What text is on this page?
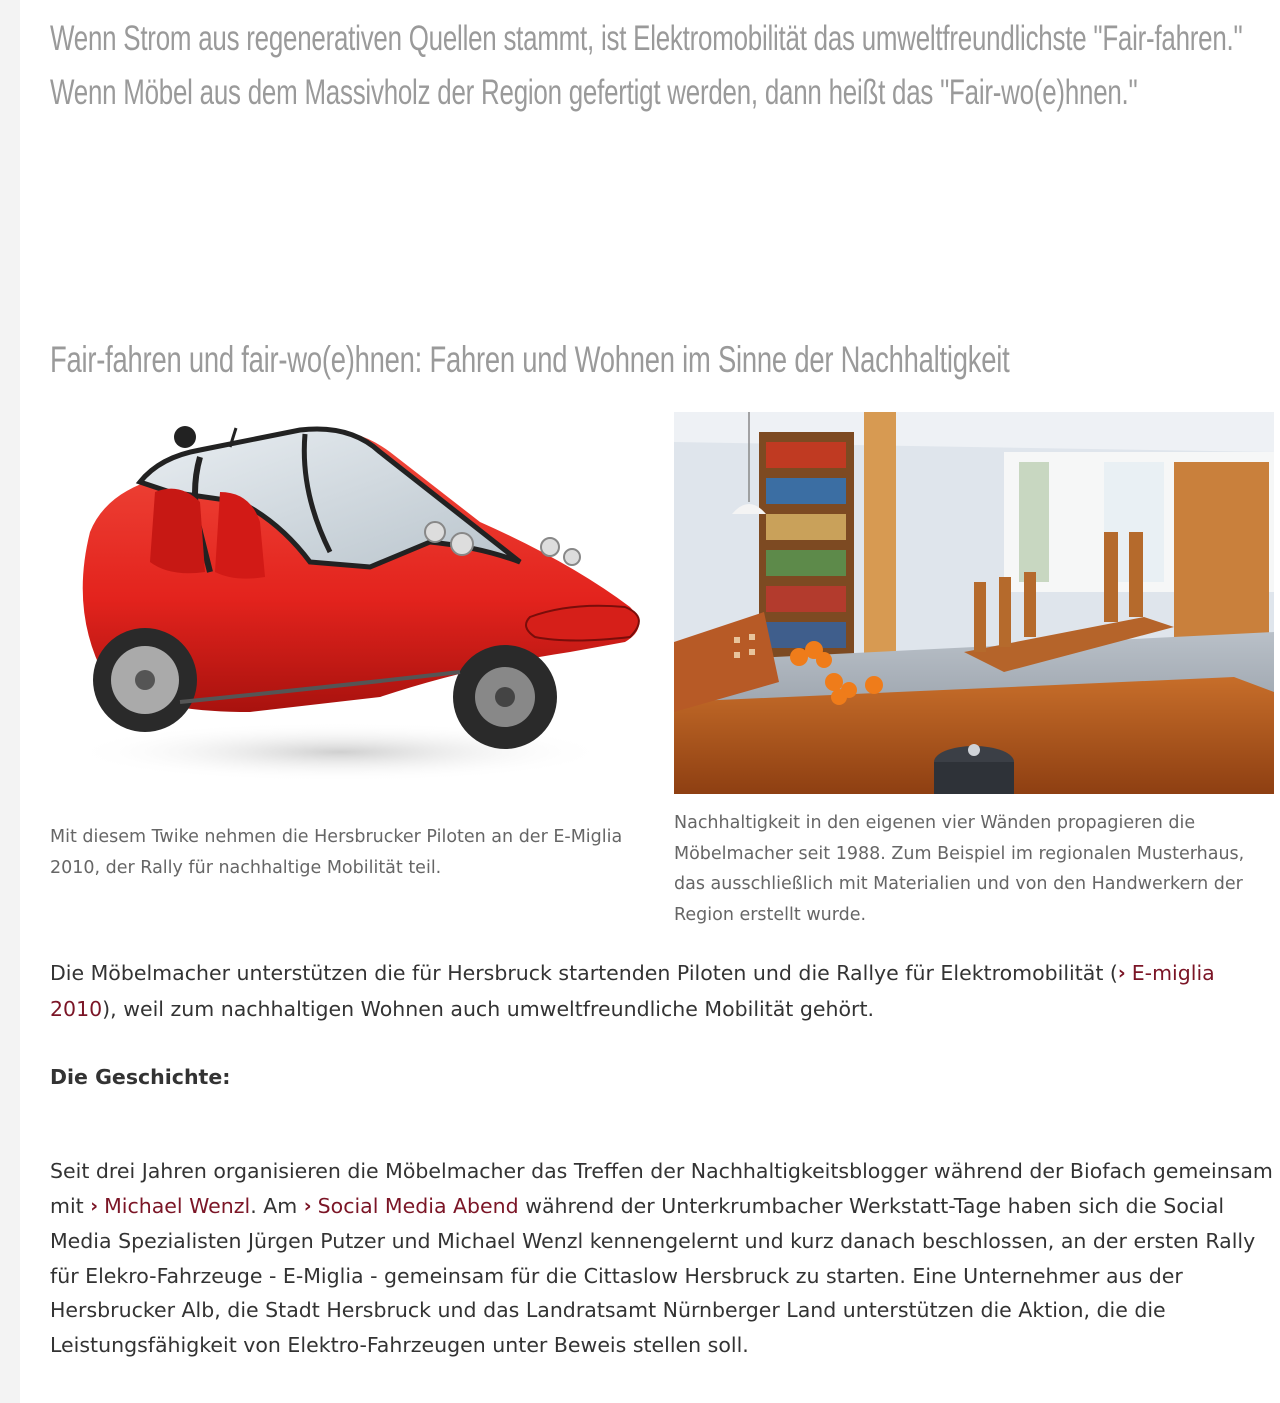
Wenn Strom aus regenerativen Quellen stammt, ist Elektromobilität das umweltfreundlichste "Fair-fahren." Wenn Möbel aus dem Massivholz der Region gefertigt werden, dann heißt das "Fair-wo(e)hnen."

Fair-fahren und fair-wo(e)hnen: Fahren und Wohnen im Sinne der Nachhaltigkeit

Mit diesem Twike nehmen die Hersbrucker Piloten an der E-Miglia 2010, der Rally für nachhaltige Mobilität teil.

Nachhaltigkeit in den eigenen vier Wänden propagieren die Möbelmacher seit 1988. Zum Beispiel im regionalen Musterhaus, das ausschließlich mit Materialien und von den Handwerkern der Region erstellt wurde.

Die Möbelmacher unterstützen die für Hersbruck startenden Piloten und die Rallye für Elektromobilität (› E-miglia 2010), weil zum nachhaltigen Wohnen auch umweltfreundliche Mobilität gehört.

Die Geschichte:

Seit drei Jahren organisieren die Möbelmacher das Treffen der Nachhaltigkeitsblogger während der Biofach gemeinsam mit › Michael Wenzl. Am › Social Media Abend während der Unterkrumbacher Werkstatt-Tage haben sich die Social Media Spezialisten Jürgen Putzer und Michael Wenzl kennengelernt und kurz danach beschlossen, an der ersten Rally für Elekro-Fahrzeuge - E-Miglia - gemeinsam für die Cittaslow Hersbruck zu starten. Eine Unternehmer aus der Hersbrucker Alb, die Stadt Hersbruck und das Landratsamt Nürnberger Land unterstützen die Aktion, die die Leistungsfähigkeit von Elektro-Fahrzeugen unter Beweis stellen soll.
